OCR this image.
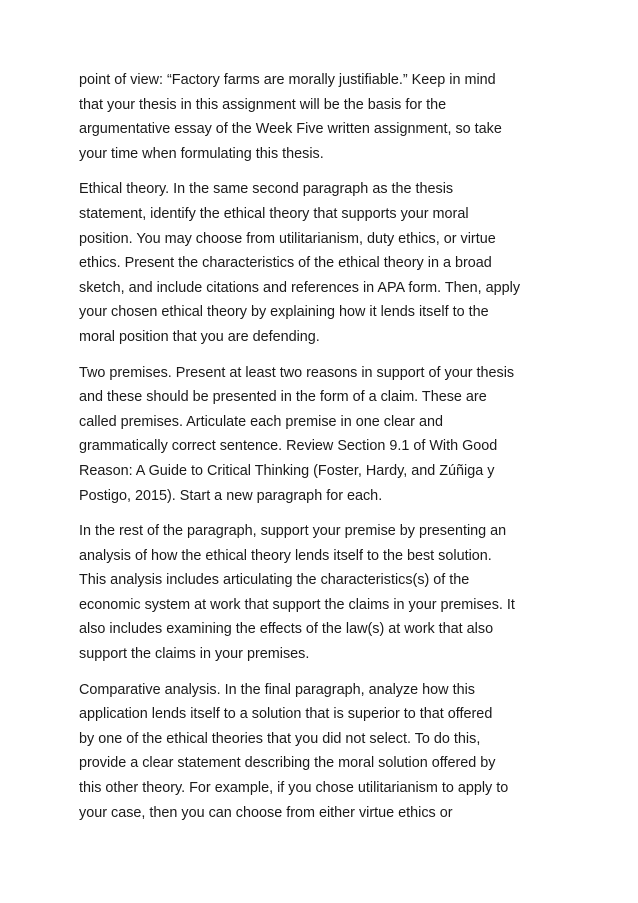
point of view: “Factory farms are morally justifiable.” Keep in mind
that your thesis in this assignment will be the basis for the
argumentative essay of the Week Five written assignment, so take
your time when formulating this thesis.
Ethical theory. In the same second paragraph as the thesis
statement, identify the ethical theory that supports your moral
position. You may choose from utilitarianism, duty ethics, or virtue
ethics. Present the characteristics of the ethical theory in a broad
sketch, and include citations and references in APA form. Then, apply
your chosen ethical theory by explaining how it lends itself to the
moral position that you are defending.
Two premises. Present at least two reasons in support of your thesis
and these should be presented in the form of a claim. These are
called premises. Articulate each premise in one clear and
grammatically correct sentence. Review Section 9.1 of With Good
Reason: A Guide to Critical Thinking (Foster, Hardy, and Zúñiga y
Postigo, 2015). Start a new paragraph for each.
In the rest of the paragraph, support your premise by presenting an
analysis of how the ethical theory lends itself to the best solution.
This analysis includes articulating the characteristics(s) of the
economic system at work that support the claims in your premises. It
also includes examining the effects of the law(s) at work that also
support the claims in your premises.
Comparative analysis. In the final paragraph, analyze how this
application lends itself to a solution that is superior to that offered
by one of the ethical theories that you did not select. To do this,
provide a clear statement describing the moral solution offered by
this other theory. For example, if you chose utilitarianism to apply to
your case, then you can choose from either virtue ethics or
